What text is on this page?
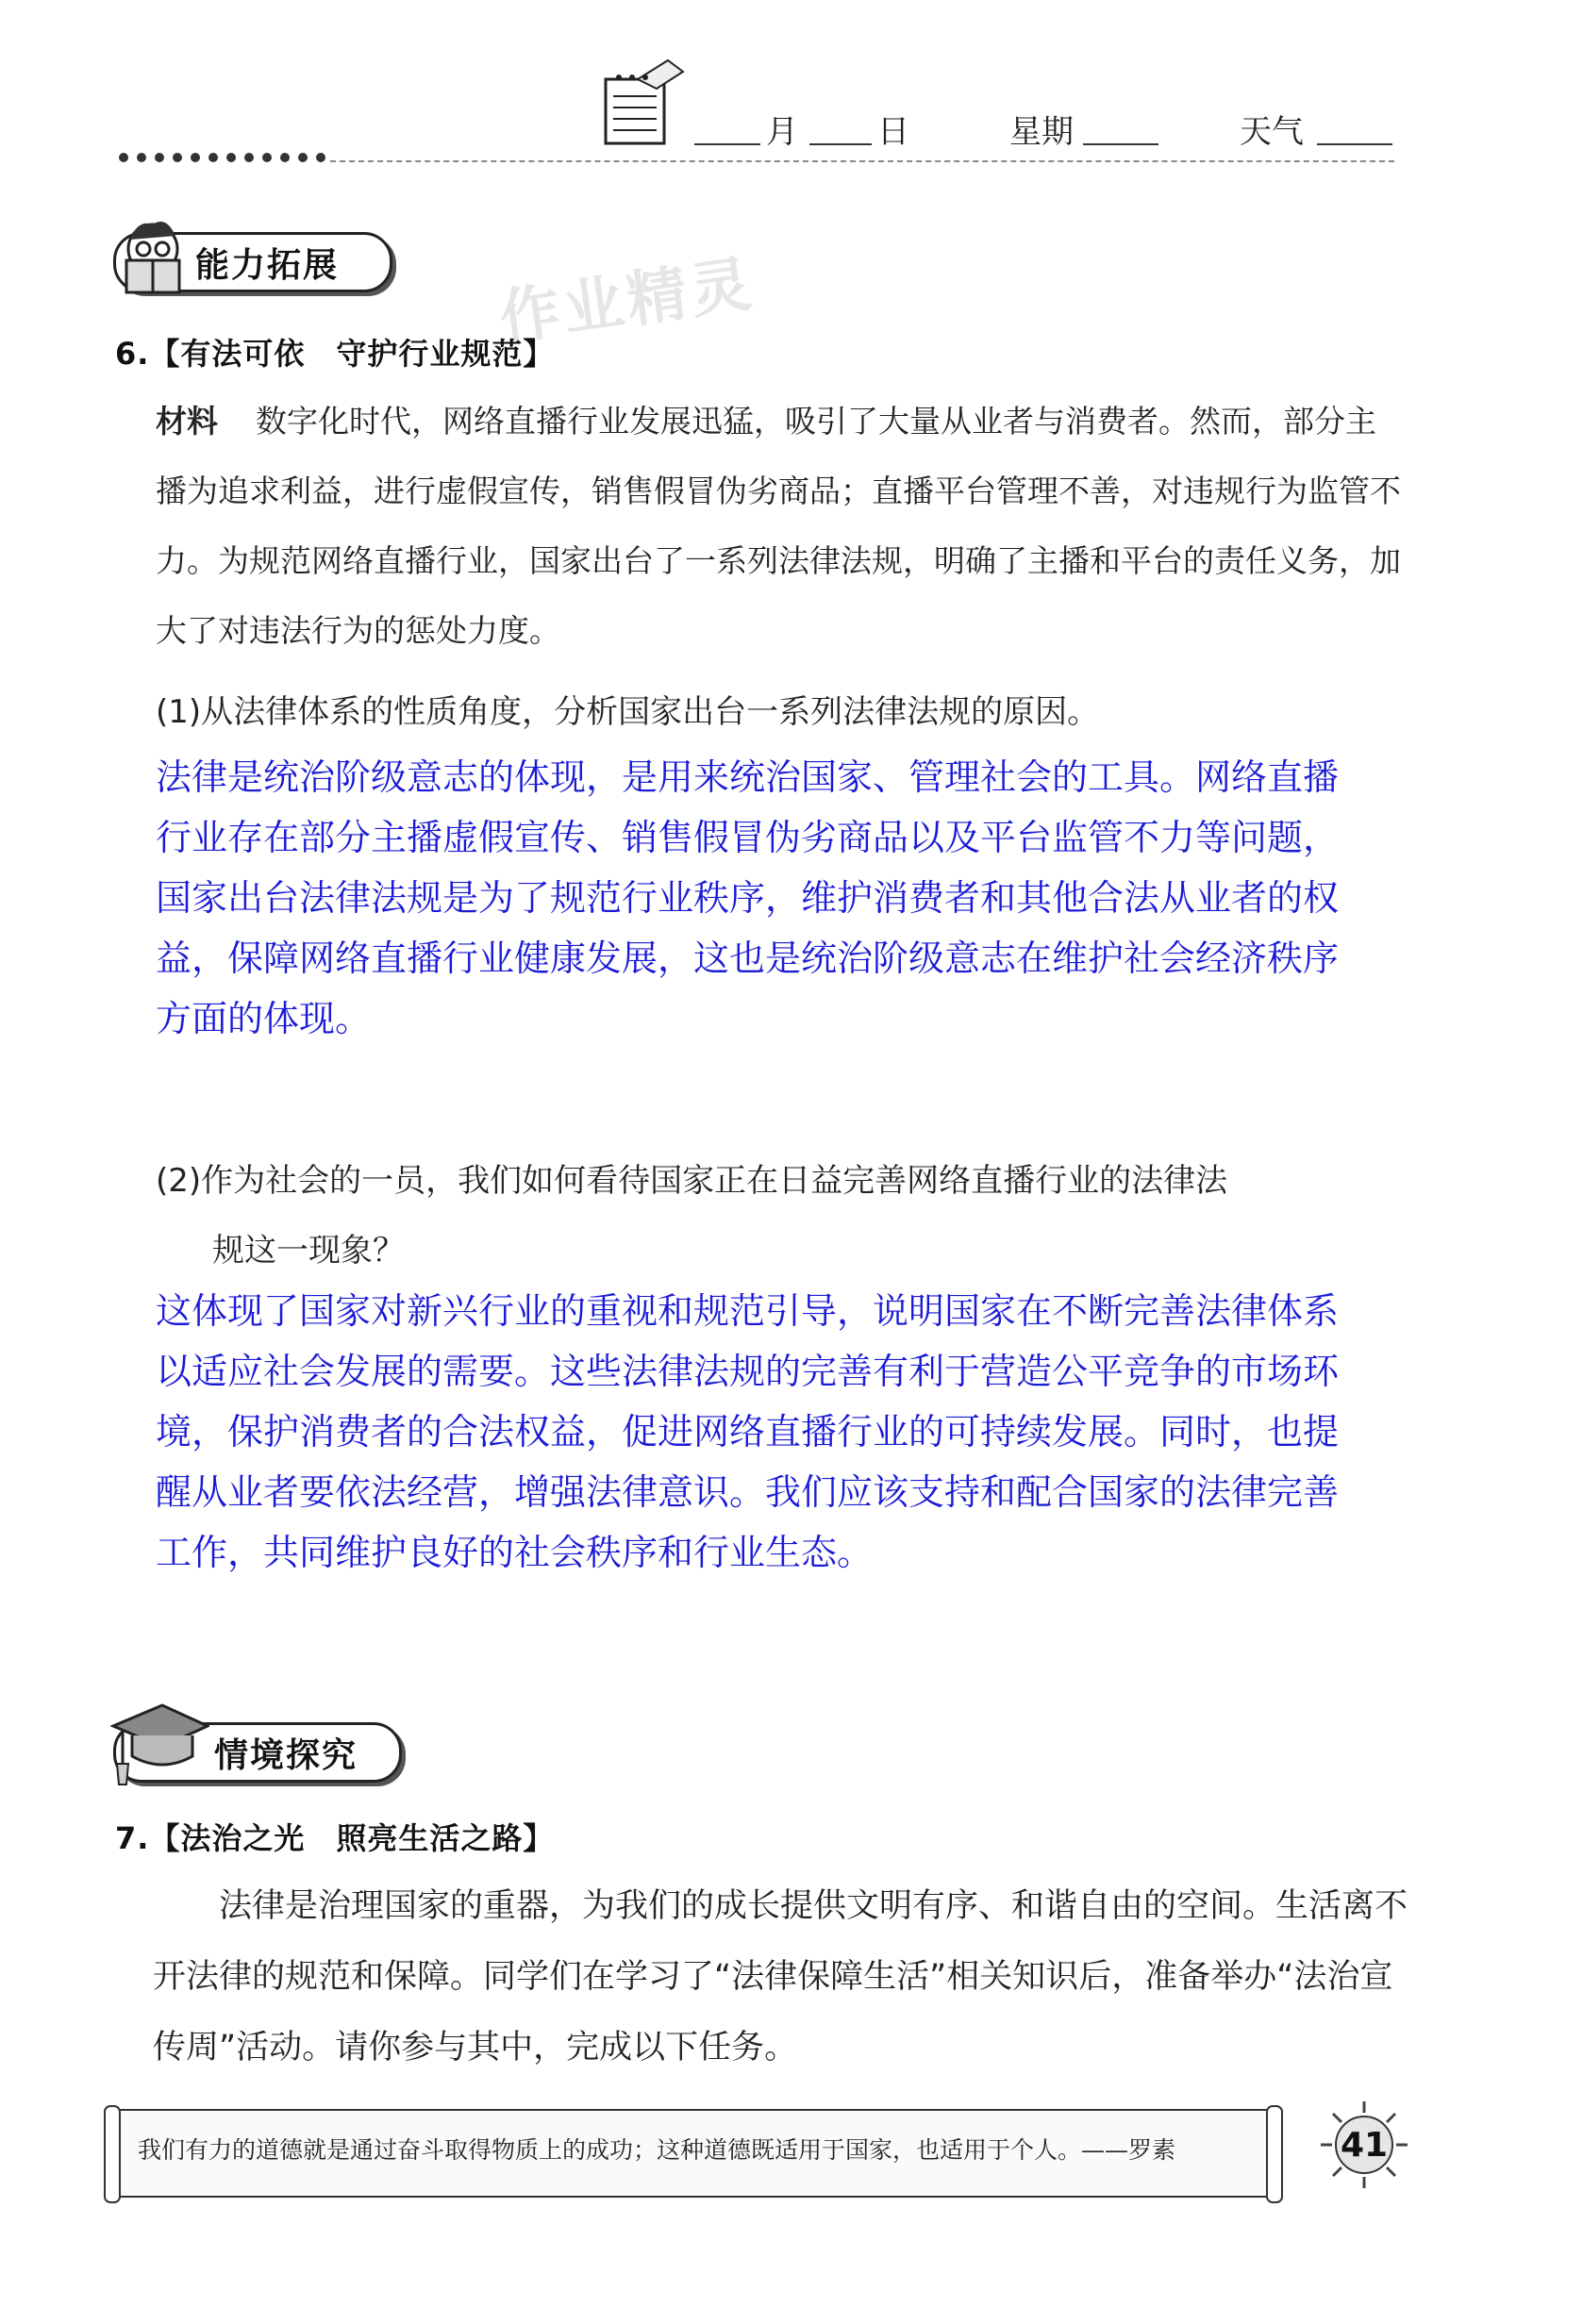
月 日	星期	天气
能力拓展	作业精灵
6.【有法可依　守护行业规范】
材料 数字化时代，网络直播行业发展迅猛，吸引了大量从业者与消费者。然而，部分主播为追求利益，进行虚假宣传，销售假冒伪劣商品；直播平台管理不善，对违规行为监管不力。为规范网络直播行业，国家出台了一系列法律法规，明确了主播和平台的责任义务，加大了对违法行为的惩处力度。
(1)从法律体系的性质角度，分析国家出台一系列法律法规的原因。
法律是统治阶级意志的体现，是用来统治国家、管理社会的工具。网络直播行业存在部分主播虚假宣传、销售假冒伪劣商品以及平台监管不力等问题，国家出台法律法规是为了规范行业秩序，维护消费者和其他合法从业者的权益，保障网络直播行业健康发展，这也是统治阶级意志在维护社会经济秩序方面的体现。
(2)作为社会的一员，我们如何看待国家正在日益完善网络直播行业的法律法
规这一现象？
这体现了国家对新兴行业的重视和规范引导，说明国家在不断完善法律体系以适应社会发展的需要。这些法律法规的完善有利于营造公平竞争的市场环境，保护消费者的合法权益，促进网络直播行业的可持续发展。同时，也提醒从业者要依法经营，增强法律意识。我们应该支持和配合国家的法律完善工作，共同维护良好的社会秩序和行业生态。
情境探究
7.【法治之光　照亮生活之路】
法律是治理国家的重器，为我们的成长提供文明有序、和谐自由的空间。生活离不开法律的规范和保障。同学们在学习了“法律保障生活”相关知识后，准备举办“法治宣传周”活动。请你参与其中，完成以下任务。
我们有力的道德就是通过奋斗取得物质上的成功；这种道德既适用于国家，也适用于个人。——罗素	41
